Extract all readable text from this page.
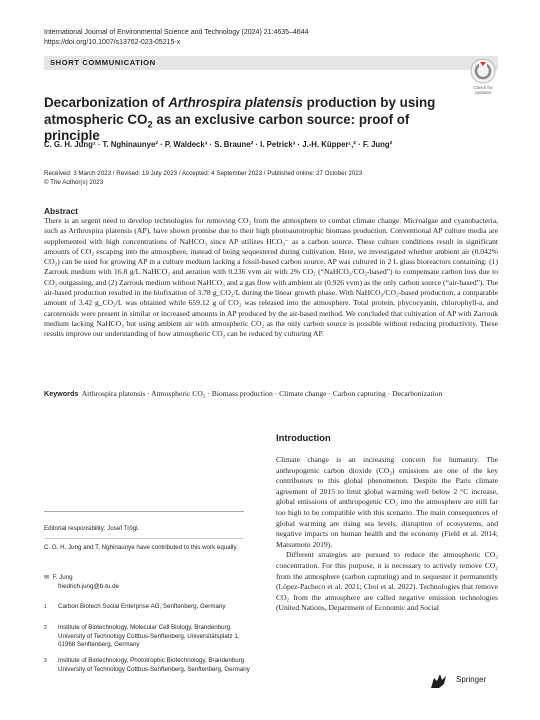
International Journal of Environmental Science and Technology (2024) 21:4635–4644
https://doi.org/10.1007/s13762-023-05215-x
SHORT COMMUNICATION
Check for updates
Decarbonization of Arthrospira platensis production by using atmospheric $CO_2$ as an exclusive carbon source: proof of principle
C. G. H. Jung¹ · T. Nghinaunye² · P. Waldeck³ · S. Braune² · I. Petrick³ · J.-H. Küpper¹,² · F. Jung²
Received: 3 March 2023 / Revised: 19 July 2023 / Accepted: 4 September 2023 / Published online: 27 October 2023
© The Author(s) 2023
Abstract
There is an urgent need to develop technologies for removing CO₂ from the atmosphere to combat climate change. Microalgae and cyanobacteria, such as Arthrospira platensis (AP), have shown promise due to their high photoautotrophic biomass production. Conventional AP culture media are supplemented with high concentrations of NaHCO₃ since AP utilizes HCO₃⁻ as a carbon source. These culture conditions result in significant amounts of CO₂ escaping into the atmosphere, instead of being sequestered during cultivation. Here, we investigated whether ambient air (0.042% CO₂) can be used for growing AP in a culture medium lacking a fossil-based carbon source. AP was cultured in 2 L glass bioreactors containing: (1) Zarrouk medium with 16.8 g/L NaHCO₃ and aeration with 0.236 vvm air with 2% CO₂ (“NaHCO₃/CO₂-based”) to compensate carbon loss due to CO₂ outgassing, and (2) Zarrouk medium without NaHCO₃ and a gas flow with ambient air (0.926 vvm) as the only carbon source (“air-based”). The air-based production resulted in the biofixation of 3.78 g_CO₂/L during the linear growth phase. With NaHCO₃/CO₂-based production, a comparable amount of 3.42 g_CO₂/L was obtained while 659.12 g of CO₂ was released into the atmosphere. Total protein, phycocyanin, chlorophyll-a, and carotenoids were present in similar or increased amounts in AP produced by the air-based method. We concluded that cultivation of AP with Zarrouk medium lacking NaHCO₃ but using ambient air with atmospheric CO₂ as the only carbon source is possible without reducing productivity. These results improve our understanding of how atmospheric CO₂ can be reduced by culturing AP.
Keywords Arthrospira platensis · Atmospheric CO₂ · Biomass production · Climate change · Carbon capturing · Decarbonization
Introduction
Climate change is an increasing concern for humanity. The anthropogenic carbon dioxide (CO₂) emissions are one of the key contributors to this global phenomenon. Despite the Paris climate agreement of 2015 to limit global warming well below 2 °C increase, global emissions of anthropogenic CO₂ into the atmosphere are still far too high to be compatible with this scenario. The main consequences of global warming are rising sea levels, disruption of ecosystems, and negative impacts on human health and the economy (Field et al. 2014; Matsumoto 2019).
Different strategies are pursued to reduce the atmospheric CO₂ concentration. For this purpose, it is necessary to actively remove CO₂ from the atmosphere (carbon capturing) and to sequester it permanently (López-Pacheco et al. 2021; Choi et al. 2022). Technologies that remove CO₂ from the atmosphere are called negative emission technologies (United Nations, Department of Economic and Social
Editorial responsibility: Josef Trögl.
C. G. H. Jung and T. Nghinaunye have contributed to this work equally.
✉ F. Jung
friedrich.jung@b-tu.de
1 Carbon Biotech Social Enterprise AG, Senftenberg, Germany
2 Institute of Biotechnology, Molecular Cell Biology, Brandenburg University of Technology Cottbus-Senftenberg, Universitätsplatz 1, 01968 Senftenberg, Germany
3 Institute of Biotechnology, Phototrophic Biotechnology, Brandenburg University of Technology Cottbus-Senftenberg, Senftenberg, Germany
Springer
